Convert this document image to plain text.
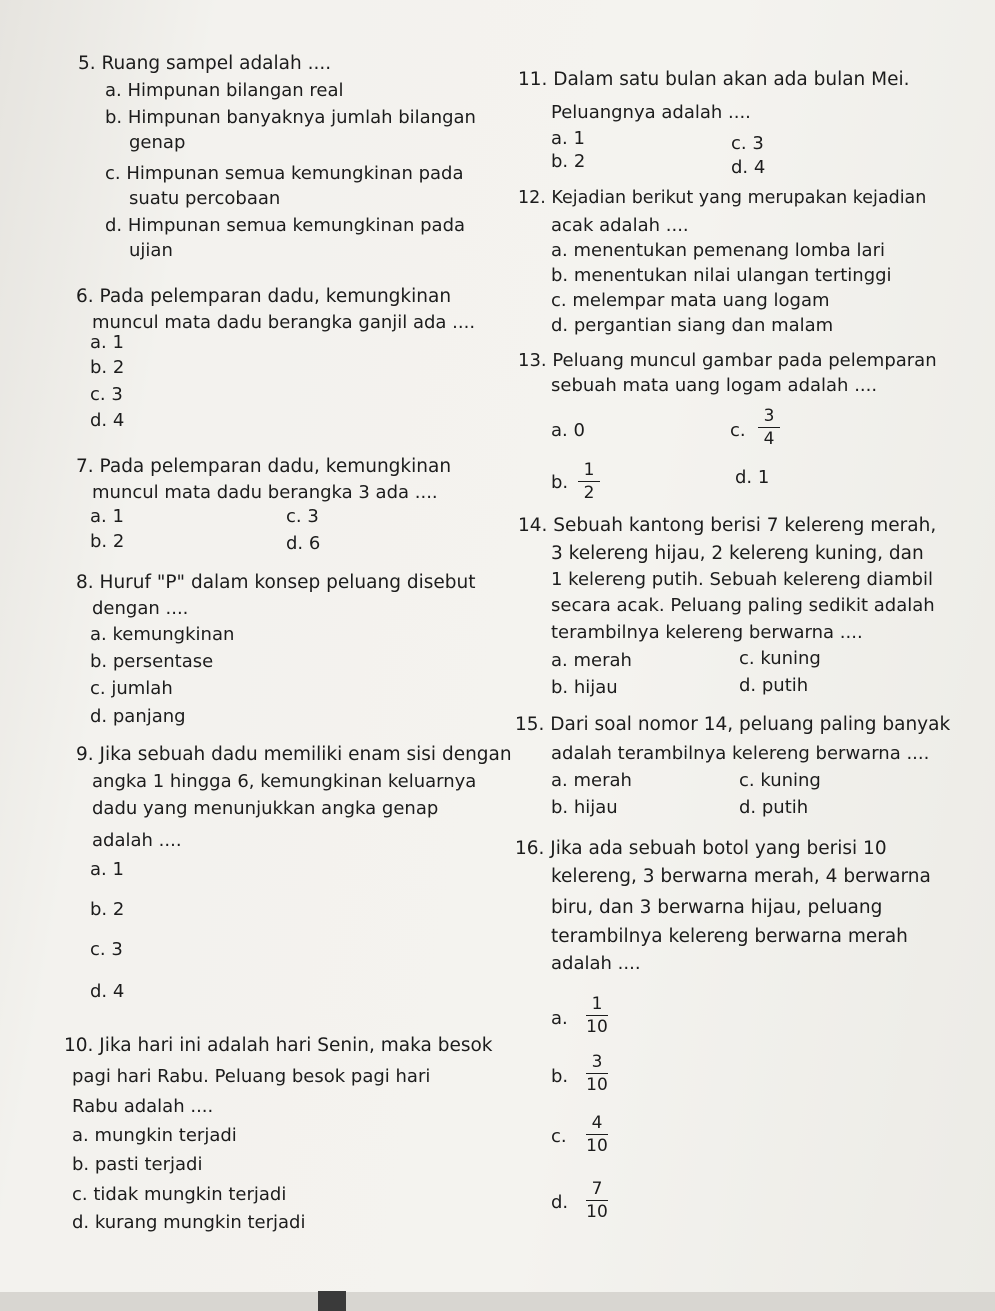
5. Ruang sampel adalah ....
a. Himpunan bilangan real
b. Himpunan banyaknya jumlah bilangan
genap
c. Himpunan semua kemungkinan pada
suatu percobaan
d. Himpunan semua kemungkinan pada
ujian
6. Pada pelemparan dadu, kemungkinan
muncul mata dadu berangka ganjil ada ....
a. 1
b. 2
c. 3
d. 4
7. Pada pelemparan dadu, kemungkinan
muncul mata dadu berangka 3 ada ....
a. 1
b. 2
c. 3
d. 6
8. Huruf "P" dalam konsep peluang disebut
dengan ....
a. kemungkinan
b. persentase
c. jumlah
d. panjang
9. Jika sebuah dadu memiliki enam sisi dengan
angka 1 hingga 6, kemungkinan keluarnya
dadu yang menunjukkan angka genap
adalah ....
a. 1
b. 2
c. 3
d. 4
10. Jika hari ini adalah hari Senin, maka besok
pagi hari Rabu. Peluang besok pagi hari
Rabu adalah ....
a. mungkin terjadi
b. pasti terjadi
c. tidak mungkin terjadi
d. kurang mungkin terjadi
11. Dalam satu bulan akan ada bulan Mei.
Peluangnya adalah ....
a. 1
b. 2
c. 3
d. 4
12. Kejadian berikut yang merupakan kejadian
acak adalah ....
a. menentukan pemenang lomba lari
b. menentukan nilai ulangan tertinggi
c. melempar mata uang logam
d. pergantian siang dan malam
13. Peluang muncul gambar pada pelemparan
sebuah mata uang logam adalah ....
a. 0
b.
1
2
c.
3
4
d. 1
14. Sebuah kantong berisi 7 kelereng merah,
3 kelereng hijau, 2 kelereng kuning, dan
1 kelereng putih. Sebuah kelereng diambil
secara acak. Peluang paling sedikit adalah
terambilnya kelereng berwarna ....
a. merah
b. hijau
c. kuning
d. putih
15. Dari soal nomor 14, peluang paling banyak
adalah terambilnya kelereng berwarna ....
a. merah
b. hijau
c. kuning
d. putih
16. Jika ada sebuah botol yang berisi 10
kelereng, 3 berwarna merah, 4 berwarna
biru, dan 3 berwarna hijau, peluang
terambilnya kelereng berwarna merah
adalah ....
a.
1
10
b.
3
10
c.
4
10
d.
7
10
